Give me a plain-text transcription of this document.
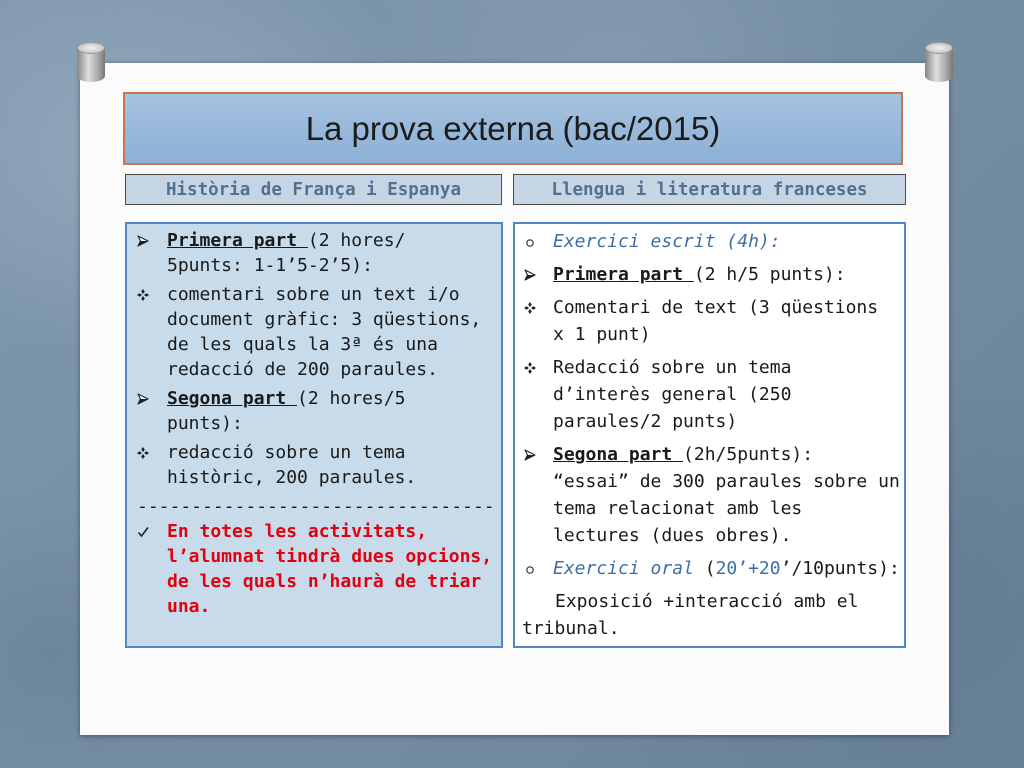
La prova externa (bac/2015)
Història de França i Espanya	Llengua i literatura franceses
Primera part (2 hores/
5punts: 1-1’5-2’5):
comentari sobre un text i/o
document gràfic: 3 qüestions,
de les quals la 3ª és una
redacció de 200 paraules.
Segona part (2 hores/5
punts):
redacció sobre un tema
històric, 200 paraules.
---------------------------------
En totes les activitats,
l’alumnat tindrà dues opcions,
de les quals n’haurà de triar
una.
Exercici escrit (4h):
Primera part (2 h/5 punts):
Comentari de text (3 qüestions
x 1 punt)
Redacció sobre un tema
d’interès general (250
paraules/2 punts)
Segona part (2h/5punts):
“essai” de 300 paraules sobre un
tema relacionat amb les
lectures (dues obres).
Exercici oral (20’+20’/10punts):
Exposició +interacció amb el
tribunal.
